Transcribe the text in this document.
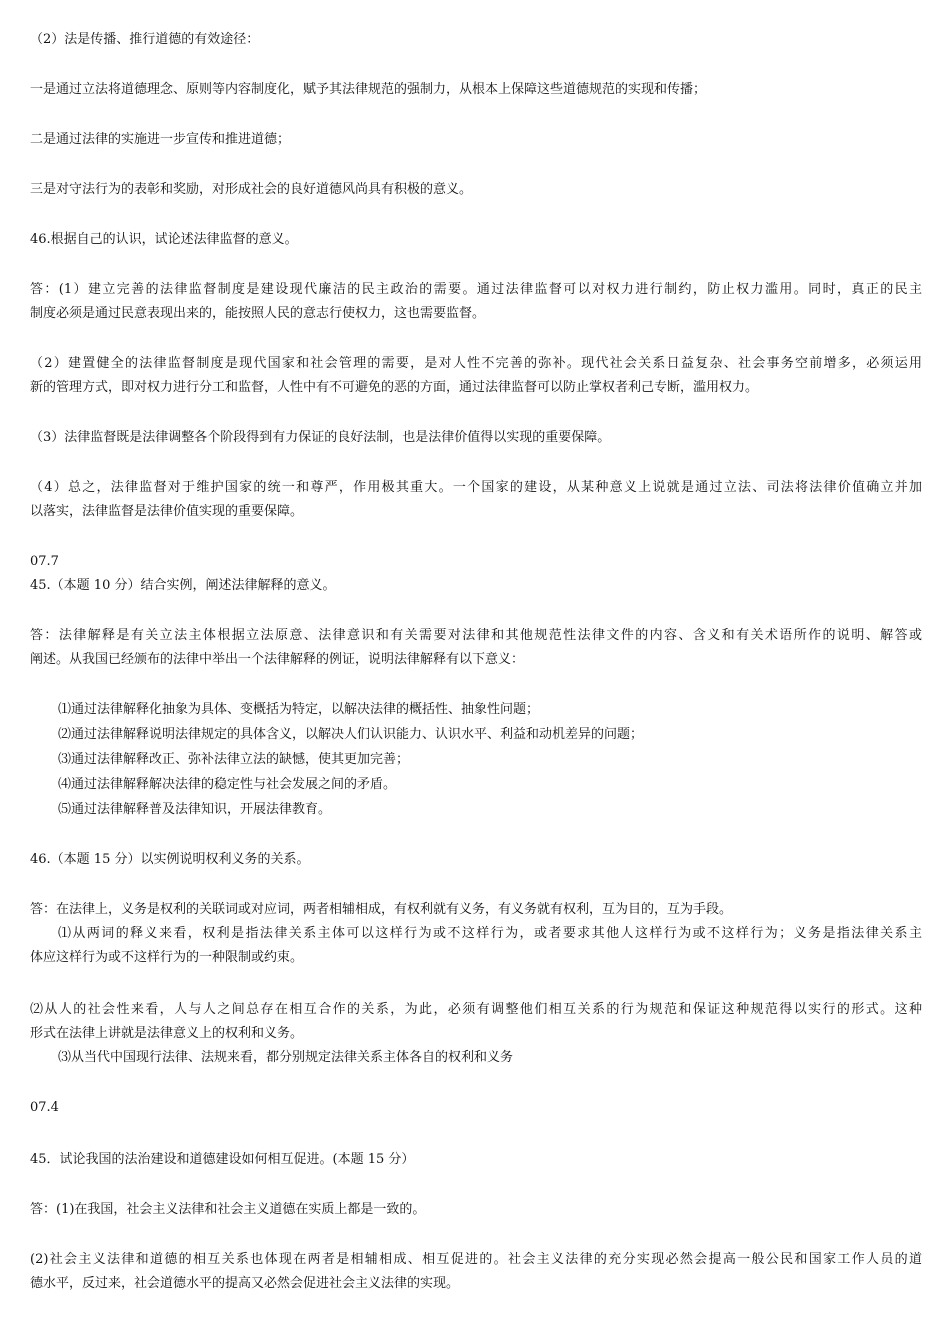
（2）法是传播、推行道德的有效途径：
一是通过立法将道德理念、原则等内容制度化，赋予其法律规范的强制力，从根本上保障这些道德规范的实现和传播；
二是通过法律的实施进一步宣传和推进道德；
三是对守法行为的表彰和奖励，对形成社会的良好道德风尚具有积极的意义。
46.根据自己的认识，试论述法律监督的意义。
答：(1）建立完善的法律监督制度是建设现代廉洁的民主政治的需要。通过法律监督可以对权力进行制约，防止权力滥用。同时，真正的民主
制度必须是通过民意表现出来的，能按照人民的意志行使权力，这也需要监督。
（2）建置健全的法律监督制度是现代国家和社会管理的需要，是对人性不完善的弥补。现代社会关系日益复杂、社会事务空前增多，必须运用
新的管理方式，即对权力进行分工和监督，人性中有不可避免的恶的方面，通过法律监督可以防止掌权者利己专断，滥用权力。
（3）法律监督既是法律调整各个阶段得到有力保证的良好法制，也是法律价值得以实现的重要保障。
（4）总之，法律监督对于维护国家的统一和尊严，作用极其重大。一个国家的建设，从某种意义上说就是通过立法、司法将法律价值确立并加
以落实，法律监督是法律价值实现的重要保障。
07.7
45.（本题 10 分）结合实例，阐述法律解释的意义。
答：法律解释是有关立法主体根据立法原意、法律意识和有关需要对法律和其他规范性法律文件的内容、含义和有关术语所作的说明、解答或
阐述。从我国已经颁布的法律中举出一个法律解释的例证，说明法律解释有以下意义：
⑴通过法律解释化抽象为具体、变概括为特定，以解决法律的概括性、抽象性问题；
⑵通过法律解释说明法律规定的具体含义，以解决人们认识能力、认识水平、利益和动机差异的问题；
⑶通过法律解释改正、弥补法律立法的缺憾，使其更加完善；
⑷通过法律解释解决法律的稳定性与社会发展之间的矛盾。
⑸通过法律解释普及法律知识，开展法律教育。
46.（本题 15 分）以实例说明权利义务的关系。
答：在法律上，义务是权利的关联词或对应词，两者相辅相成，有权利就有义务，有义务就有权利，互为目的，互为手段。
⑴从两词的释义来看，权利是指法律关系主体可以这样行为或不这样行为，或者要求其他人这样行为或不这样行为；义务是指法律关系主
体应这样行为或不这样行为的一种限制或约束。
⑵从人的社会性来看，人与人之间总存在相互合作的关系，为此，必须有调整他们相互关系的行为规范和保证这种规范得以实行的形式。这种
形式在法律上讲就是法律意义上的权利和义务。
⑶从当代中国现行法律、法规来看，都分别规定法律关系主体各自的权利和义务
07.4
45．试论我国的法治建设和道德建设如何相互促进。(本题 15 分）
答：(1)在我国，社会主义法律和社会主义道德在实质上都是一致的。
(2)社会主义法律和道德的相互关系也体现在两者是相辅相成、相互促进的。社会主义法律的充分实现必然会提高一般公民和国家工作人员的道
德水平，反过来，社会道德水平的提高又必然会促进社会主义法律的实现。
